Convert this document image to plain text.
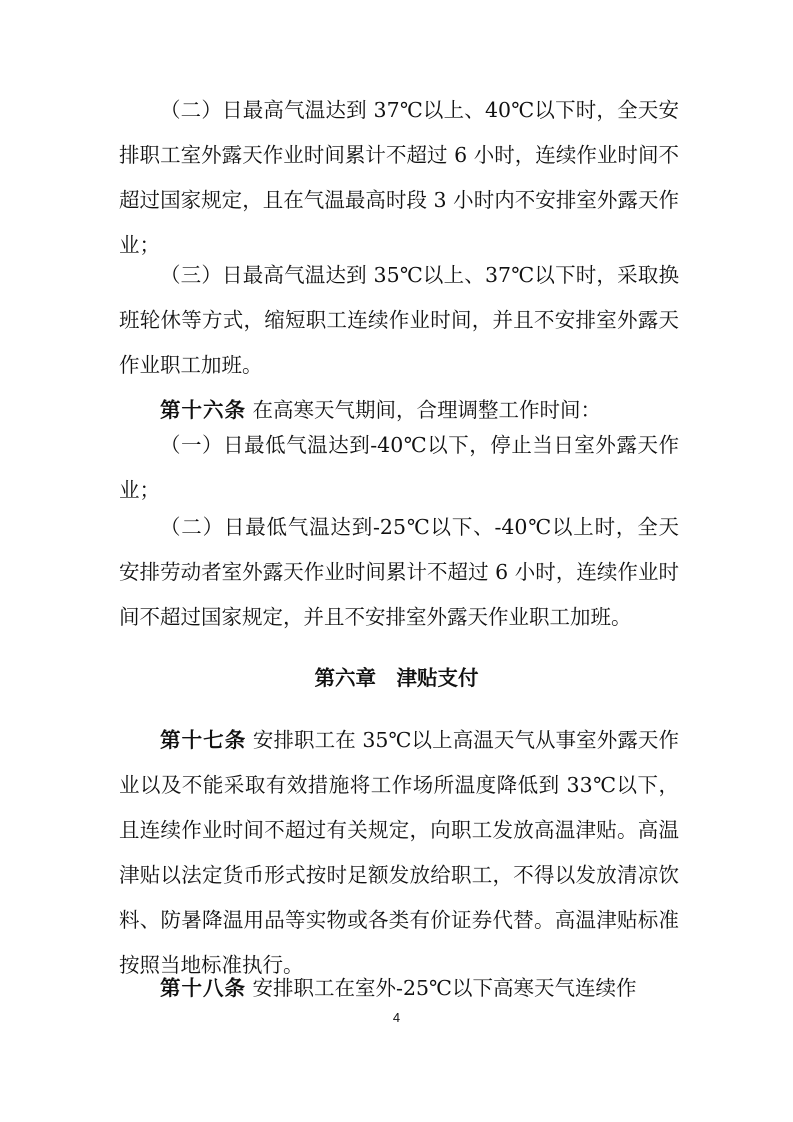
（二）日最高气温达到 37℃以上、40℃以下时，全天安排职工室外露天作业时间累计不超过 6 小时，连续作业时间不超过国家规定，且在气温最高时段 3 小时内不安排室外露天作业；

（三）日最高气温达到 35℃以上、37℃以下时，采取换班轮休等方式，缩短职工连续作业时间，并且不安排室外露天作业职工加班。

第十六条 在高寒天气期间，合理调整工作时间：

（一）日最低气温达到-40℃以下，停止当日室外露天作业；

（二）日最低气温达到-25℃以下、-40℃以上时，全天安排劳动者室外露天作业时间累计不超过 6 小时，连续作业时间不超过国家规定，并且不安排室外露天作业职工加班。

第六章　津贴支付

第十七条 安排职工在 35℃以上高温天气从事室外露天作业以及不能采取有效措施将工作场所温度降低到 33℃以下，且连续作业时间不超过有关规定，向职工发放高温津贴。高温津贴以法定货币形式按时足额发放给职工，不得以发放清凉饮料、防暑降温用品等实物或各类有价证券代替。高温津贴标准按照当地标准执行。

第十八条 安排职工在室外-25℃以下高寒天气连续作

4
